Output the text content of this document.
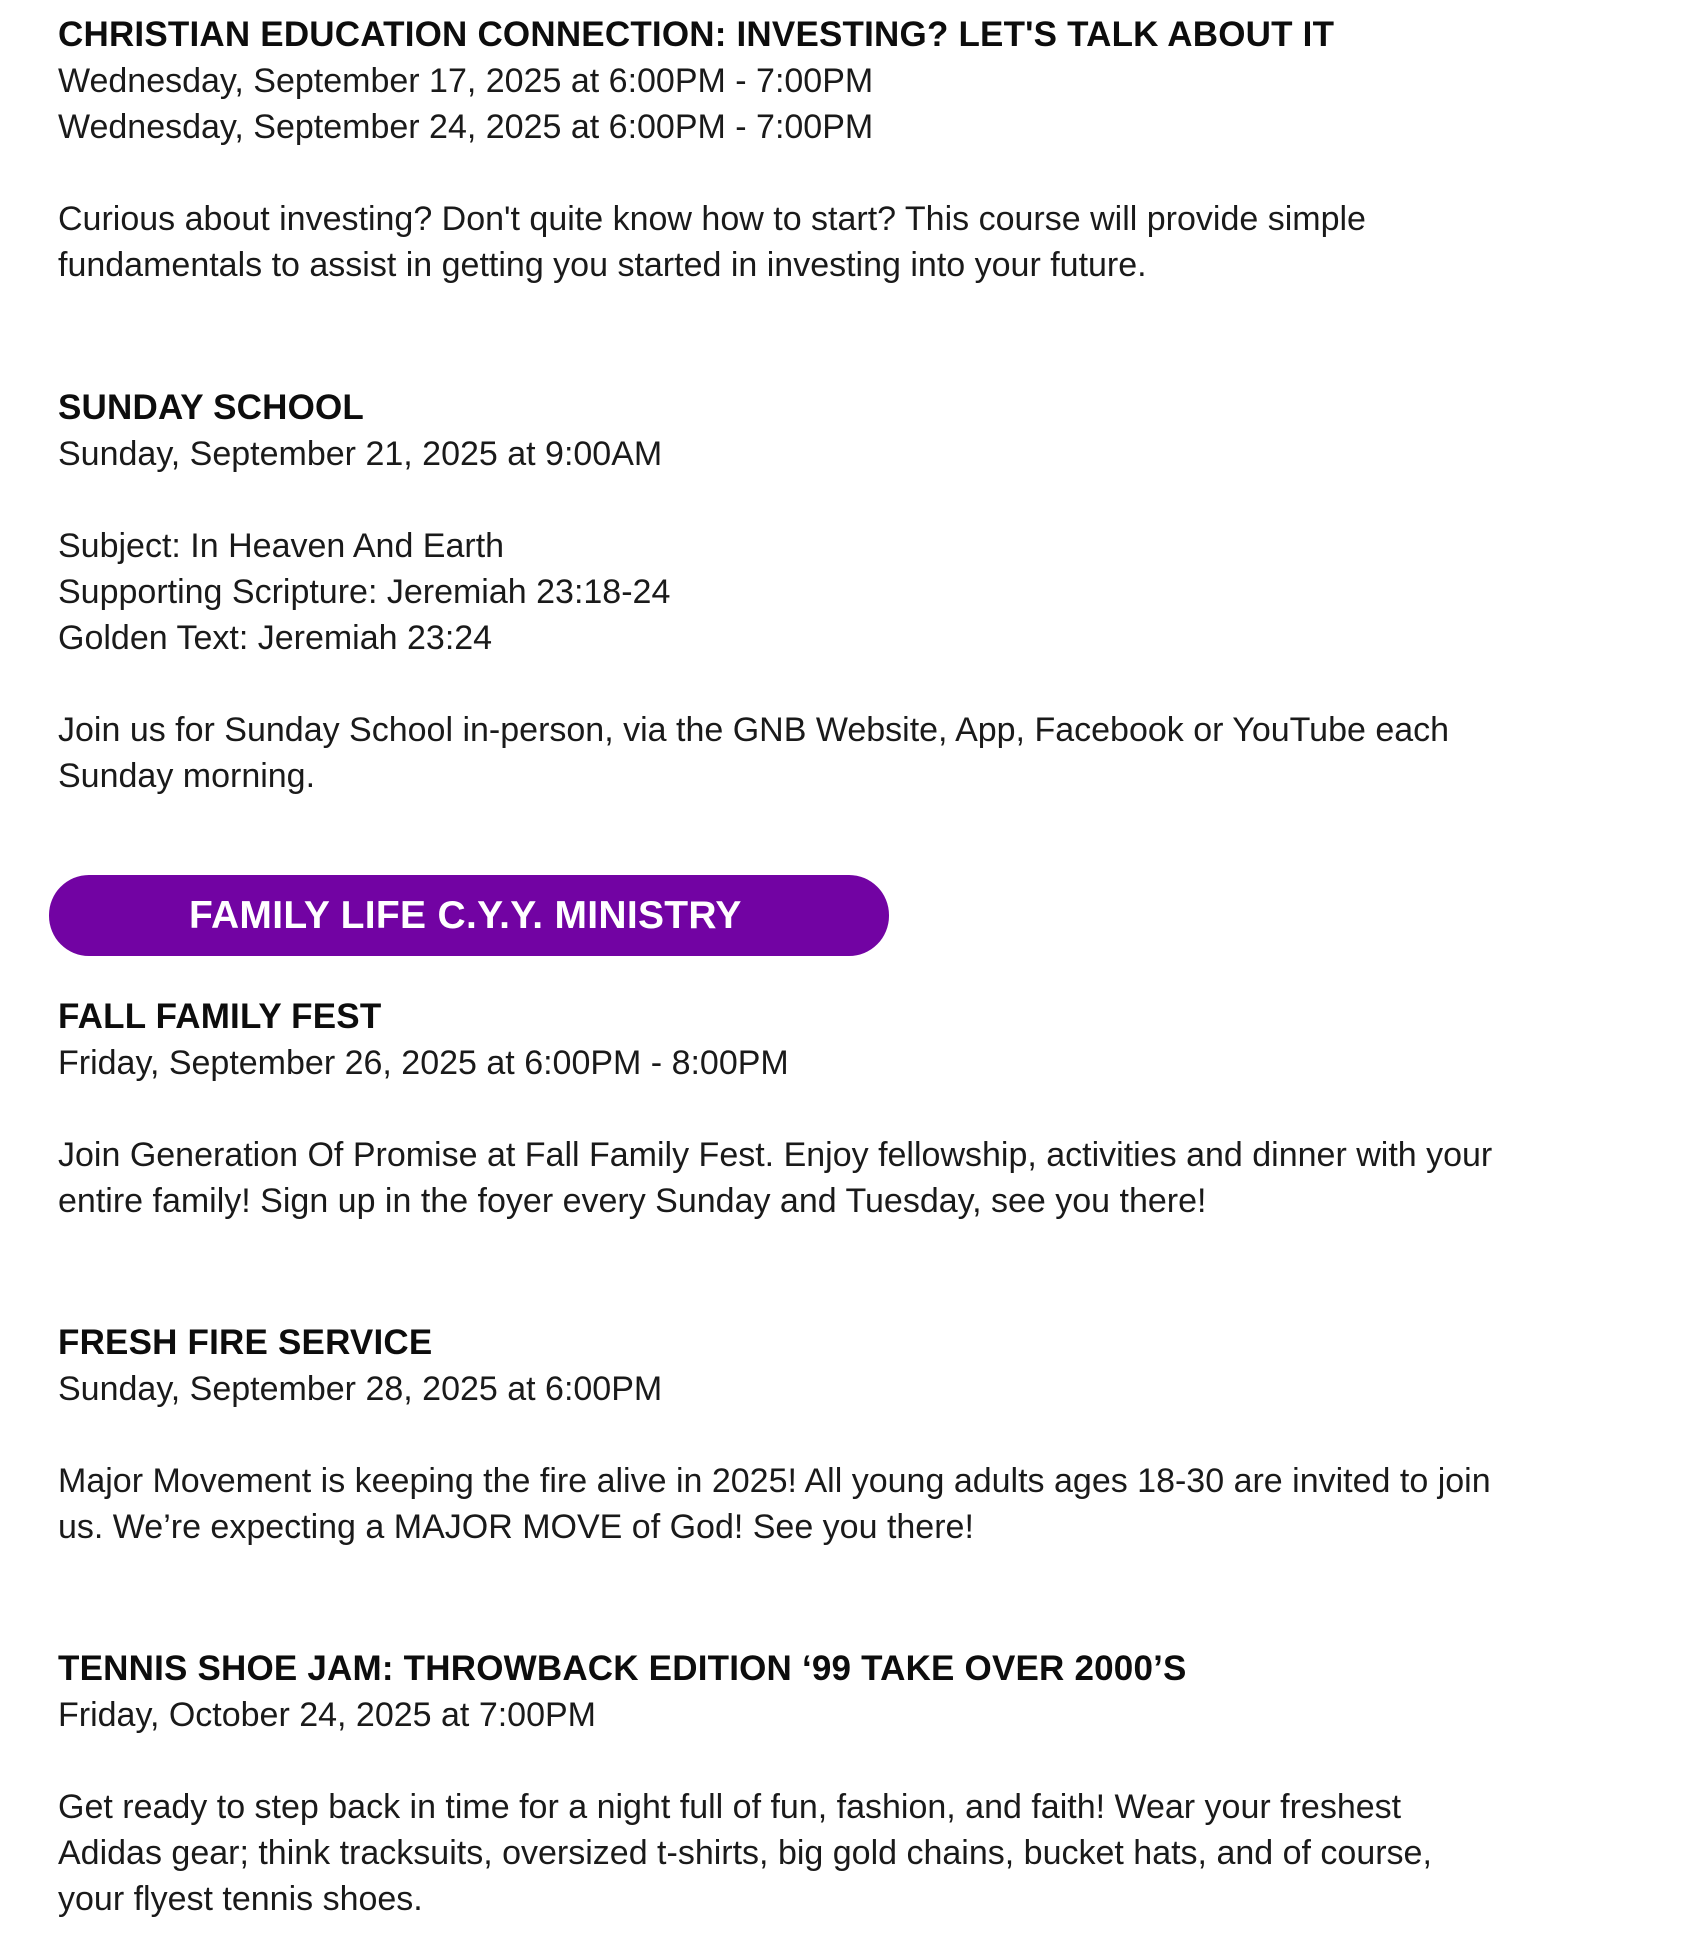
CHRISTIAN EDUCATION CONNECTION: INVESTING? LET'S TALK ABOUT IT
Wednesday, September 17, 2025 at 6:00PM - 7:00PM
Wednesday, September 24, 2025 at 6:00PM - 7:00PM
Curious about investing? Don't quite know how to start? This course will provide simple
fundamentals to assist in getting you started in investing into your future.
SUNDAY SCHOOL
Sunday, September 21, 2025 at 9:00AM
Subject: In Heaven And Earth
Supporting Scripture: Jeremiah 23:18-24
Golden Text: Jeremiah 23:24
Join us for Sunday School in-person, via the GNB Website, App, Facebook or YouTube each
Sunday morning.
FAMILY LIFE C.Y.Y. MINISTRY
FALL FAMILY FEST
Friday, September 26, 2025 at 6:00PM - 8:00PM
Join Generation Of Promise at Fall Family Fest. Enjoy fellowship, activities and dinner with your
entire family! Sign up in the foyer every Sunday and Tuesday, see you there!
FRESH FIRE SERVICE
Sunday, September 28, 2025 at 6:00PM
Major Movement is keeping the fire alive in 2025! All young adults ages 18-30 are invited to join
us. We’re expecting a MAJOR MOVE of God! See you there!
TENNIS SHOE JAM: THROWBACK EDITION ‘99 TAKE OVER 2000’S
Friday, October 24, 2025 at 7:00PM
Get ready to step back in time for a night full of fun, fashion, and faith! Wear your freshest
Adidas gear; think tracksuits, oversized t-shirts, big gold chains, bucket hats, and of course,
your flyest tennis shoes.
